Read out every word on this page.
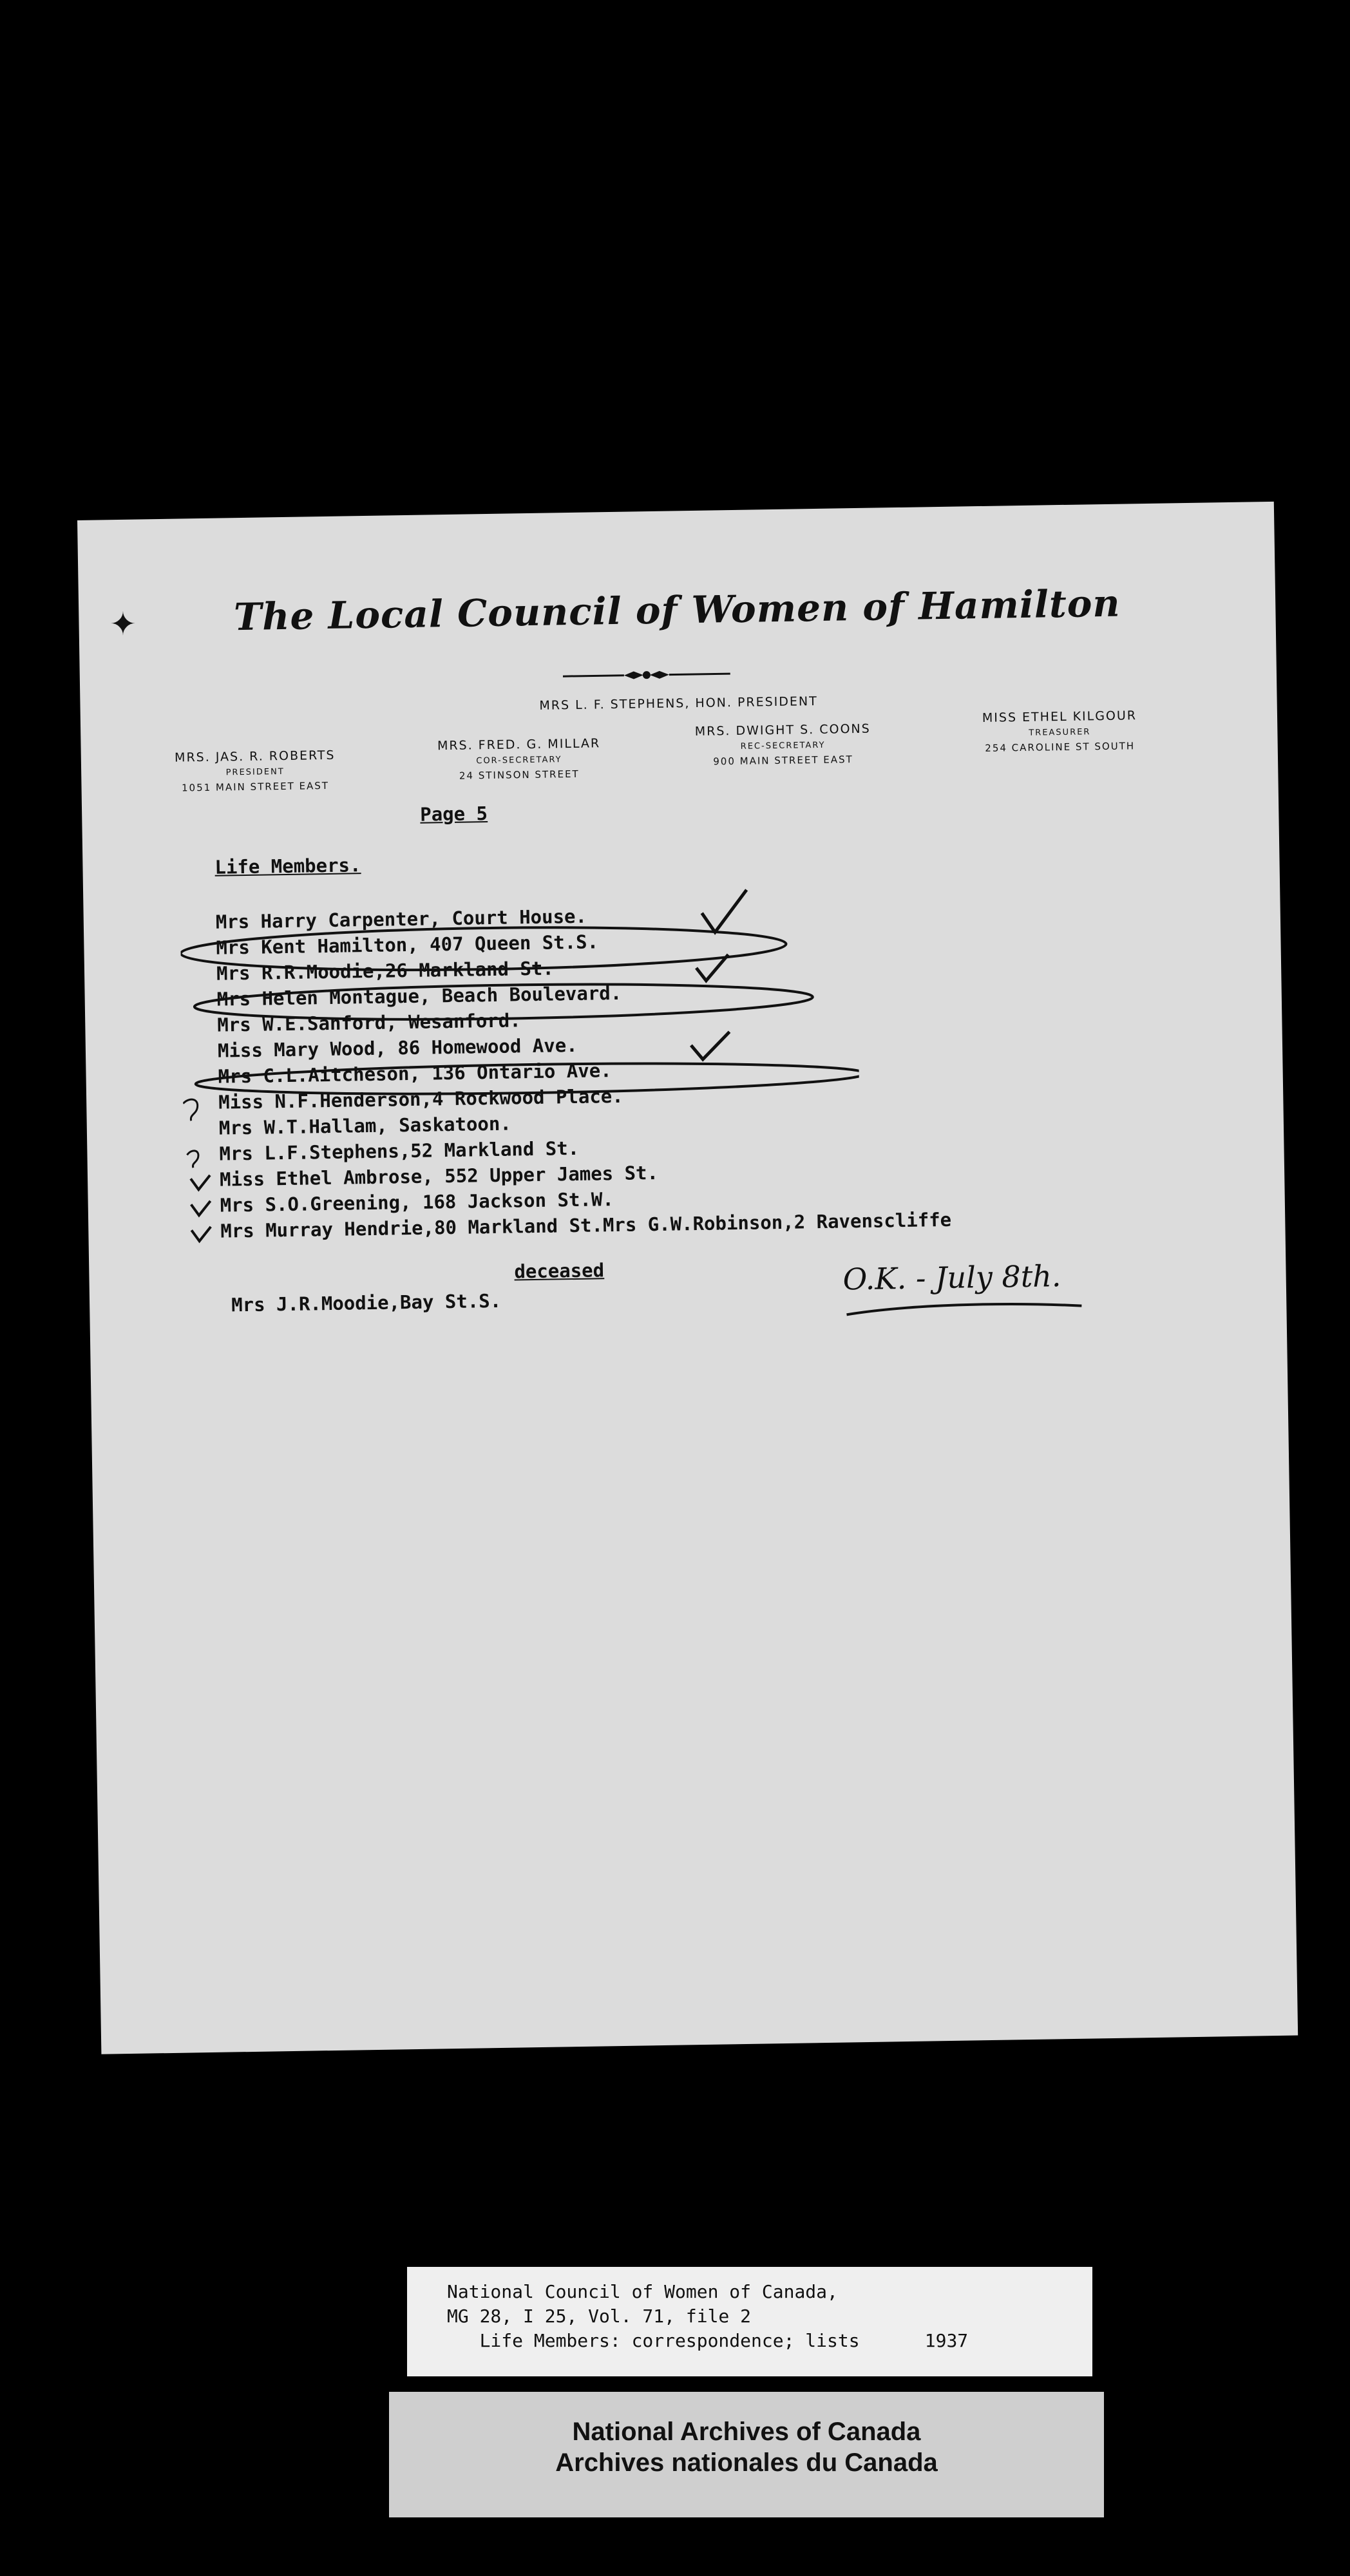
The Local Council of Women of Hamilton
MRS L. F. STEPHENS, HON. PRESIDENT
MRS. JAS. R. ROBERTS
PRESIDENT
1051 MAIN STREET EAST
MRS. FRED. G. MILLAR
COR-SECRETARY
24 STINSON STREET
MRS. DWIGHT S. COONS
REC-SECRETARY
900 MAIN STREET EAST
MISS ETHEL KILGOUR
TREASURER
254 CAROLINE ST SOUTH
Page 5
Life Members.
Mrs Harry Carpenter, Court House.
Mrs Kent Hamilton, 407 Queen St.S.
Mrs R.R.Moodie,26 Markland St.
Mrs Helen Montague, Beach Boulevard.
Mrs W.E.Sanford, Wesanford.
Miss Mary Wood, 86 Homewood Ave.
Mrs C.L.Aitcheson, 136 Ontario Ave.
Miss N.F.Henderson,4 Rockwood Place.
Mrs W.T.Hallam, Saskatoon.
Mrs L.F.Stephens,52 Markland St.
Miss Ethel Ambrose, 552 Upper James St.
Mrs S.O.Greening, 168 Jackson St.W.
Mrs Murray Hendrie,80 Markland St.Mrs G.W.Robinson,2 Ravenscliffe
deceased
Mrs J.R.Moodie,Bay St.S.
O.K. - July 8th.
✦
National Council of Women of Canada,
MG 28, I 25, Vol. 71, file 2
Life Members: correspondence; lists      1937
National Archives of Canada
Archives nationales du Canada
